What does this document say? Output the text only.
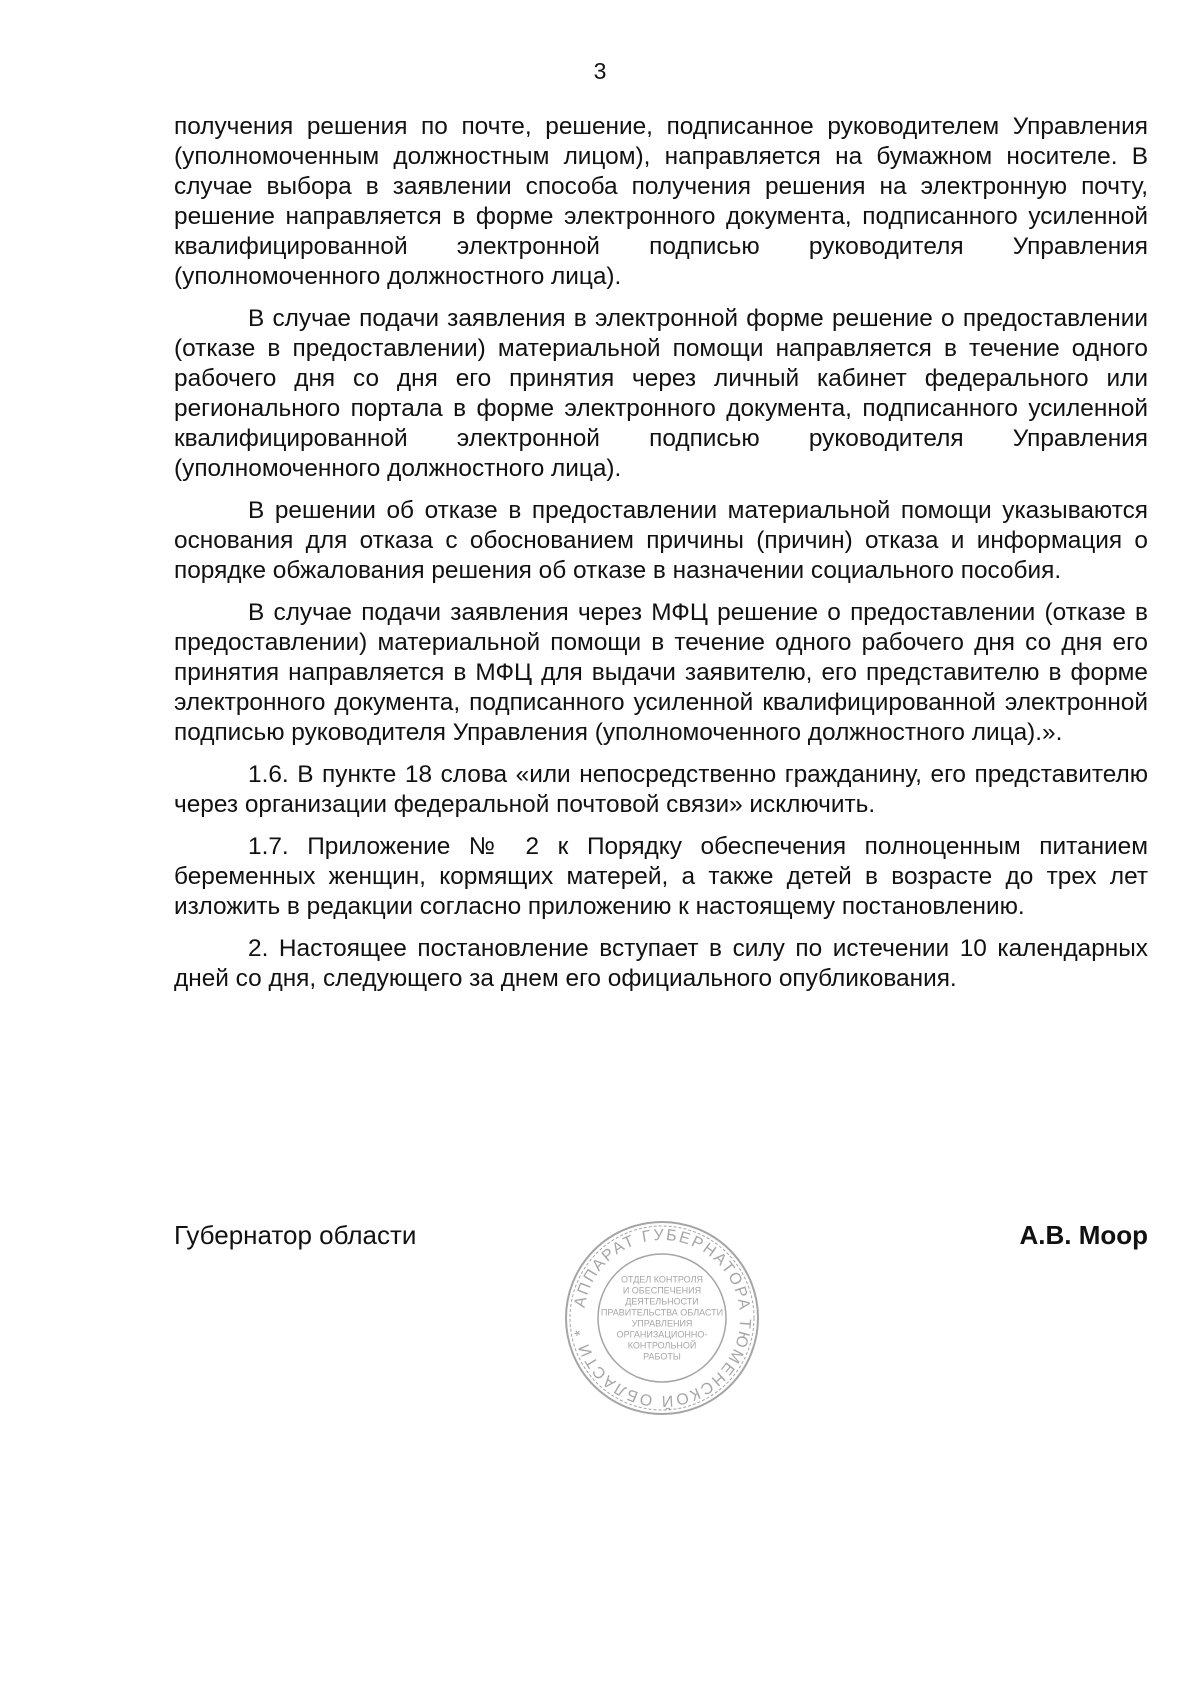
3

получения решения по почте, решение, подписанное руководителем Управления (уполномоченным должностным лицом), направляется на бумажном носителе. В случае выбора в заявлении способа получения решения на электронную почту, решение направляется в форме электронного документа, подписанного усиленной квалифицированной электронной подписью руководителя Управления (уполномоченного должностного лица).

В случае подачи заявления в электронной форме решение о предоставлении (отказе в предоставлении) материальной помощи направляется в течение одного рабочего дня со дня его принятия через личный кабинет федерального или регионального портала в форме электронного документа, подписанного усиленной квалифицированной электронной подписью руководителя Управления (уполномоченного должностного лица).

В решении об отказе в предоставлении материальной помощи указываются основания для отказа с обоснованием причины (причин) отказа и информация о порядке обжалования решения об отказе в назначении социального пособия.

В случае подачи заявления через МФЦ решение о предоставлении (отказе в предоставлении) материальной помощи в течение одного рабочего дня со дня его принятия направляется в МФЦ для выдачи заявителю, его представителю в форме электронного документа, подписанного усиленной квалифицированной электронной подписью руководителя Управления (уполномоченного должностного лица).».

1.6. В пункте 18 слова «или непосредственно гражданину, его представителю через организации федеральной почтовой связи» исключить.

1.7. Приложение № 2 к Порядку обеспечения полноценным питанием беременных женщин, кормящих матерей, а также детей в возрасте до трех лет изложить в редакции согласно приложению к настоящему постановлению.

2. Настоящее постановление вступает в силу по истечении 10 календарных дней со дня, следующего за днем его официального опубликования.

Губернатор области	А.В. Моор
АППАРАТ ГУБЕРНАТОРА ТЮМЕНСКОЙ ОБЛАСТИ *
ОТДЕЛ КОНТРОЛЯ
И ОБЕСПЕЧЕНИЯ
ДЕЯТЕЛЬНОСТИ
ПРАВИТЕЛЬСТВА ОБЛАСТИ
УПРАВЛЕНИЯ
ОРГАНИЗАЦИОННО-
КОНТРОЛЬНОЙ
РАБОТЫ
